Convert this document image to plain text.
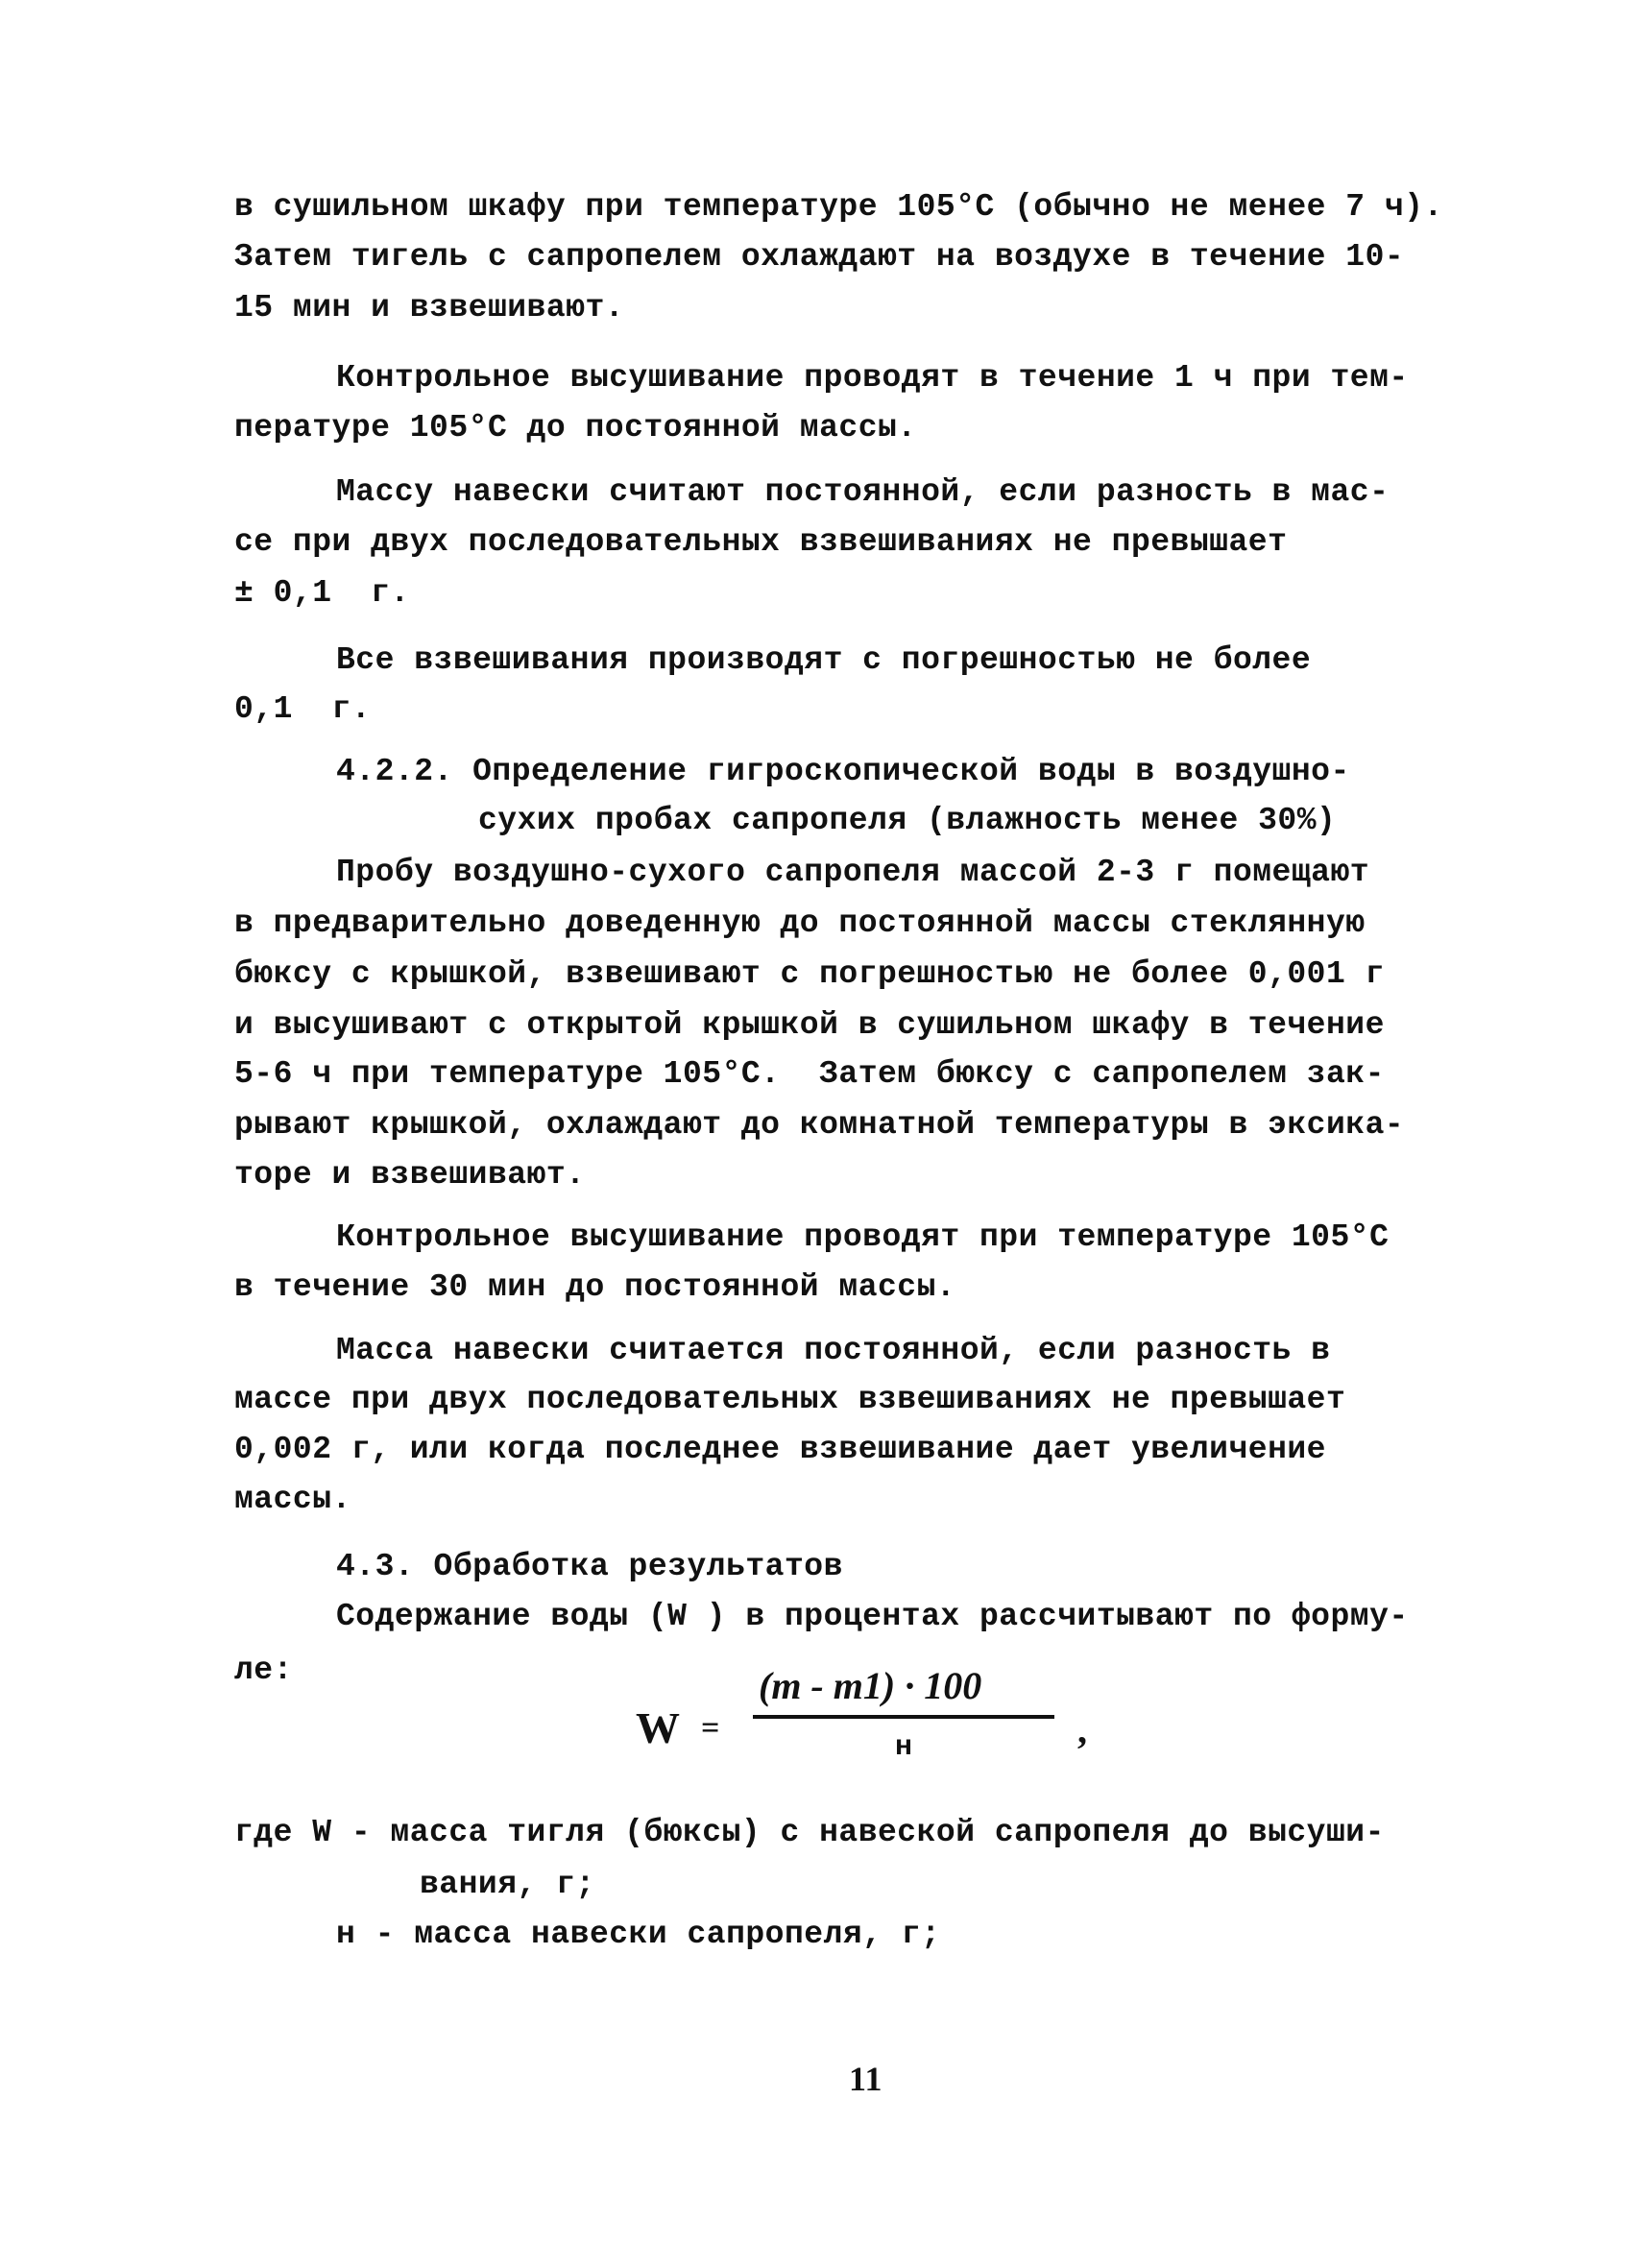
в сушильном шкафу при температуре 105°С (обычно не менее 7 ч).
Затем тигель с сапропелем охлаждают на воздухе в течение 10-
15 мин и взвешивают.
Контрольное высушивание проводят в течение 1 ч при тем-
пературе 105°С до постоянной массы.
Массу навески считают постоянной, если разность в мас-
се при двух последовательных взвешиваниях не превышает
± 0,1  г.
Все взвешивания производят с погрешностью не более
0,1  г.
4.2.2. Определение гигроскопической воды в воздушно-
сухих пробах сапропеля (влажность менее 30%)
Пробу воздушно-сухого сапропеля массой 2-3 г помещают
в предварительно доведенную до постоянной массы стеклянную
бюксу с крышкой, взвешивают с погрешностью не более 0,001 г
и высушивают с открытой крышкой в сушильном шкафу в течение
5-6 ч при температуре 105°С.  Затем бюксу с сапропелем зак-
рывают крышкой, охлаждают до комнатной температуры в эксика-
торе и взвешивают.
Контрольное высушивание проводят при температуре 105°С
в течение 30 мин до постоянной массы.
Масса навески считается постоянной, если разность в
массе при двух последовательных взвешиваниях не превышает
0,002 г, или когда последнее взвешивание дает увеличение
массы.
4.3. Обработка результатов
Содержание воды (W ) в процентах рассчитывают по форму-
ле:
W =
(m - m1) · 100
н	,
где W - масса тигля (бюксы) с навеской сапропеля до высуши-
вания, г;
н - масса навески сапропеля, г;
11
